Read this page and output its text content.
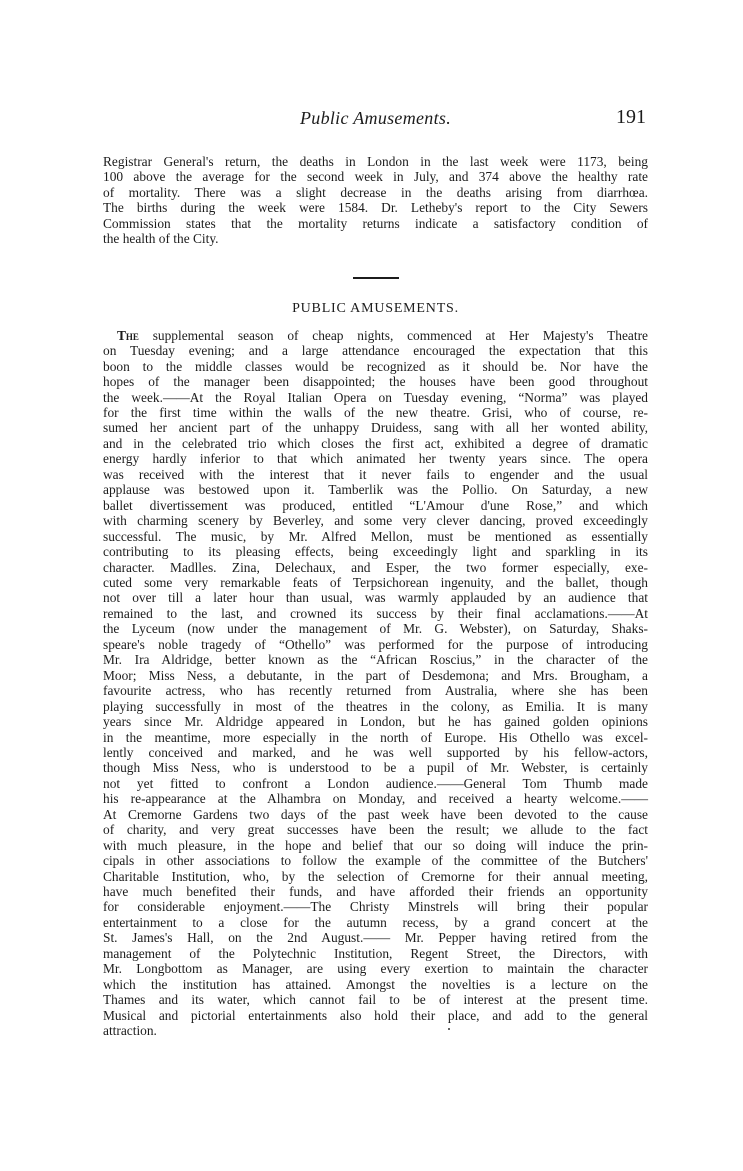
Public Amusements.	191

Registrar General's return, the deaths in London in the last week were 1173, being
100 above the average for the second week in July, and 374 above the healthy rate
of mortality. There was a slight decrease in the deaths arising from diarrhœa.
The births during the week were 1584. Dr. Letheby's report to the City Sewers
Commission states that the mortality returns indicate a satisfactory condition of
the health of the City.

PUBLIC AMUSEMENTS.

The supplemental season of cheap nights, commenced at Her Majesty's Theatre
on Tuesday evening; and a large attendance encouraged the expectation that this
boon to the middle classes would be recognized as it should be. Nor have the
hopes of the manager been disappointed; the houses have been good throughout
the week.——At the Royal Italian Opera on Tuesday evening, “Norma” was played
for the first time within the walls of the new theatre. Grisi, who of course, re-
sumed her ancient part of the unhappy Druidess, sang with all her wonted ability,
and in the celebrated trio which closes the first act, exhibited a degree of dramatic
energy hardly inferior to that which animated her twenty years since. The opera
was received with the interest that it never fails to engender and the usual
applause was bestowed upon it. Tamberlik was the Pollio. On Saturday, a new
ballet divertissement was produced, entitled “L'Amour d'une Rose,” and which
with charming scenery by Beverley, and some very clever dancing, proved exceedingly
successful. The music, by Mr. Alfred Mellon, must be mentioned as essentially
contributing to its pleasing effects, being exceedingly light and sparkling in its
character. Madlles. Zina, Delechaux, and Esper, the two former especially, exe-
cuted some very remarkable feats of Terpsichorean ingenuity, and the ballet, though
not over till a later hour than usual, was warmly applauded by an audience that
remained to the last, and crowned its success by their final acclamations.——At
the Lyceum (now under the management of Mr. G. Webster), on Saturday, Shaks-
speare's noble tragedy of “Othello” was performed for the purpose of introducing
Mr. Ira Aldridge, better known as the “African Roscius,” in the character of the
Moor; Miss Ness, a debutante, in the part of Desdemona; and Mrs. Brougham, a
favourite actress, who has recently returned from Australia, where she has been
playing successfully in most of the theatres in the colony, as Emilia. It is many
years since Mr. Aldridge appeared in London, but he has gained golden opinions
in the meantime, more especially in the north of Europe. His Othello was excel-
lently conceived and marked, and he was well supported by his fellow-actors,
though Miss Ness, who is understood to be a pupil of Mr. Webster, is certainly
not yet fitted to confront a London audience.——General Tom Thumb made
his re-appearance at the Alhambra on Monday, and received a hearty welcome.——
At Cremorne Gardens two days of the past week have been devoted to the cause
of charity, and very great successes have been the result; we allude to the fact
with much pleasure, in the hope and belief that our so doing will induce the prin-
cipals in other associations to follow the example of the committee of the Butchers'
Charitable Institution, who, by the selection of Cremorne for their annual meeting,
have much benefited their funds, and have afforded their friends an opportunity
for considerable enjoyment.——The Christy Minstrels will bring their popular
entertainment to a close for the autumn recess, by a grand concert at the
St. James's Hall, on the 2nd August.—— Mr. Pepper having retired from the
management of the Polytechnic Institution, Regent Street, the Directors, with
Mr. Longbottom as Manager, are using every exertion to maintain the character
which the institution has attained. Amongst the novelties is a lecture on the
Thames and its water, which cannot fail to be of interest at the present time.
Musical and pictorial entertainments also hold their place, and add to the general
attraction.
